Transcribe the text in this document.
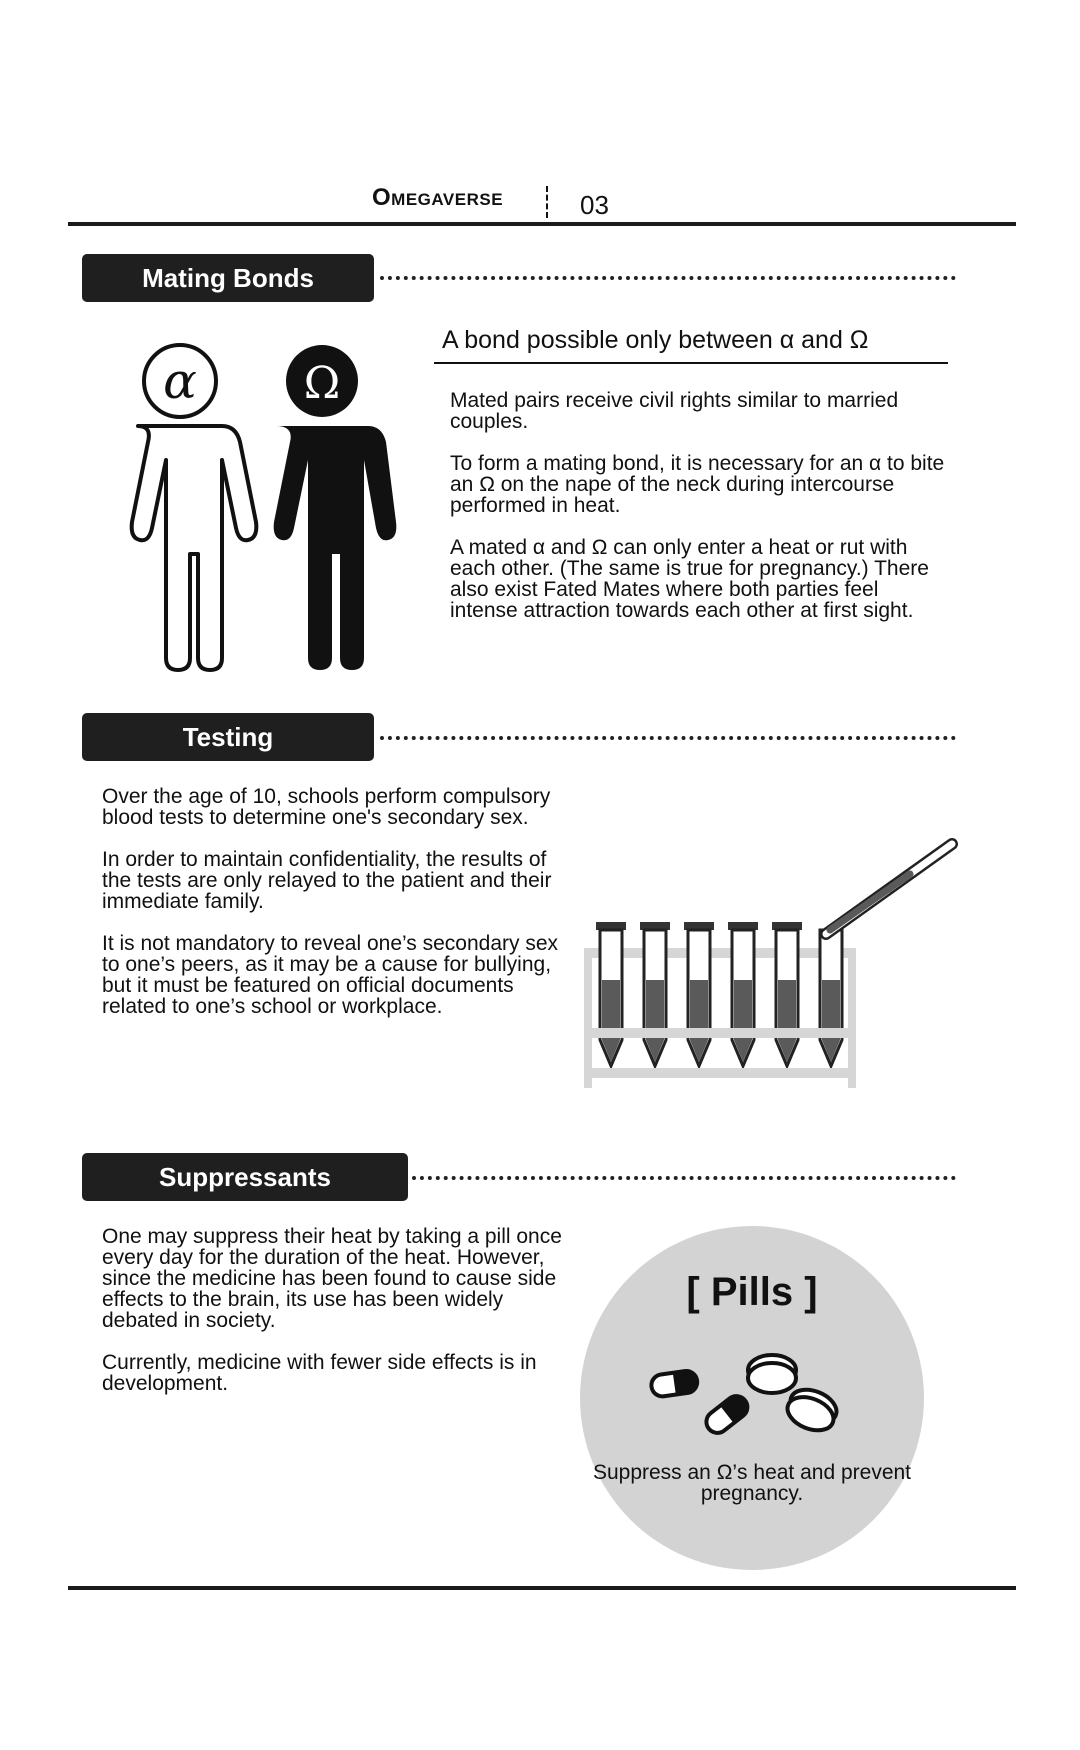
Omegaverse	03
Mating Bonds
α Ω
A bond possible only between α and Ω

Mated pairs receive civil rights similar to married couples.

To form a mating bond, it is necessary for an α to bite an Ω on the nape of the neck during intercourse performed in heat.

A mated α and Ω can only enter a heat or rut with each other. (The same is true for pregnancy.) There also exist Fated Mates where both parties feel intense attraction towards each other at first sight.

Testing

Over the age of 10, schools perform compulsory blood tests to determine one's secondary sex.

In order to maintain confidentiality, the results of the tests are only relayed to the patient and their immediate family.

It is not mandatory to reveal one’s secondary sex to one’s peers, as it may be a cause for bullying, but it must be featured on official documents related to one’s school or workplace.

Suppressants

One may suppress their heat by taking a pill once every day for the duration of the heat. However, since the medicine has been found to cause side effects to the brain, its use has been widely debated in society.

Currently, medicine with fewer side effects is in development.

[ Pills ]
Suppress an Ω’s heat and prevent pregnancy.
